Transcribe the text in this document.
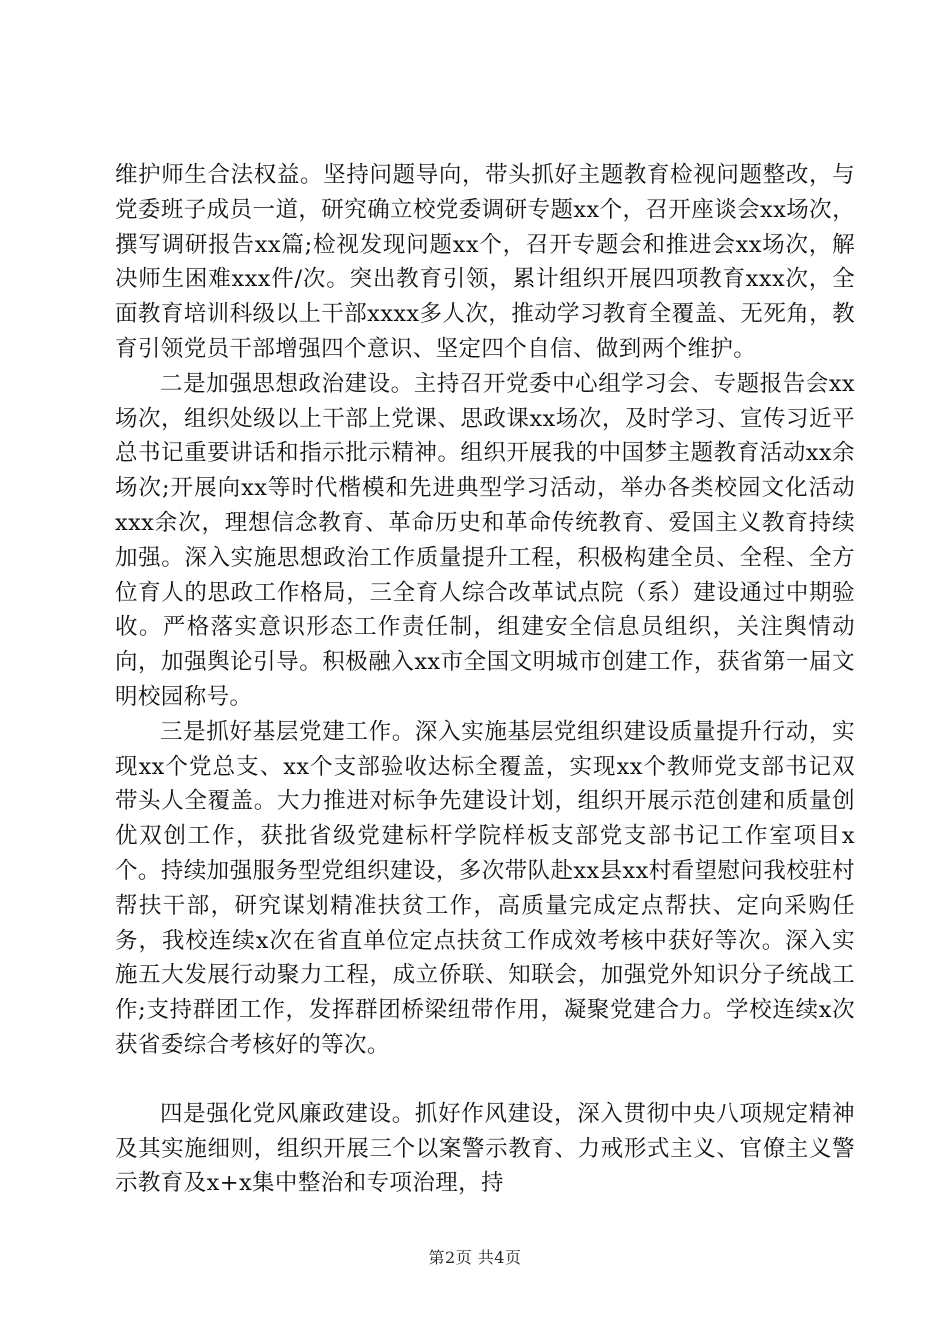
维护师生合法权益。坚持问题导向，带头抓好主题教育检视问题整改，与党委班子成员一道，研究确立校党委调研专题xx个，召开座谈会xx场次，撰写调研报告xx篇;检视发现问题xx个，召开专题会和推进会xx场次，解决师生困难xxx件/次。突出教育引领，累计组织开展四项教育xxx次，全面教育培训科级以上干部xxxx多人次，推动学习教育全覆盖、无死角，教育引领党员干部增强四个意识、坚定四个自信、做到两个维护。

二是加强思想政治建设。主持召开党委中心组学习会、专题报告会xx场次，组织处级以上干部上党课、思政课xx场次，及时学习、宣传习近平总书记重要讲话和指示批示精神。组织开展我的中国梦主题教育活动xx余场次;开展向xx等时代楷模和先进典型学习活动，举办各类校园文化活动xxx余次，理想信念教育、革命历史和革命传统教育、爱国主义教育持续加强。深入实施思想政治工作质量提升工程，积极构建全员、全程、全方位育人的思政工作格局，三全育人综合改革试点院（系）建设通过中期验收。严格落实意识形态工作责任制，组建安全信息员组织，关注舆情动向，加强舆论引导。积极融入xx市全国文明城市创建工作，获省第一届文明校园称号。

三是抓好基层党建工作。深入实施基层党组织建设质量提升行动，实现xx个党总支、xx个支部验收达标全覆盖，实现xx个教师党支部书记双带头人全覆盖。大力推进对标争先建设计划，组织开展示范创建和质量创优双创工作，获批省级党建标杆学院样板支部党支部书记工作室项目x个。持续加强服务型党组织建设，多次带队赴xx县xx村看望慰问我校驻村帮扶干部，研究谋划精准扶贫工作，高质量完成定点帮扶、定向采购任务，我校连续x次在省直单位定点扶贫工作成效考核中获好等次。深入实施五大发展行动聚力工程，成立侨联、知联会，加强党外知识分子统战工作;支持群团工作，发挥群团桥梁纽带作用，凝聚党建合力。学校连续x次获省委综合考核好的等次。

四是强化党风廉政建设。抓好作风建设，深入贯彻中央八项规定精神及其实施细则，组织开展三个以案警示教育、力戒形式主义、官僚主义警示教育及x+x集中整治和专项治理，持

第2页 共4页
